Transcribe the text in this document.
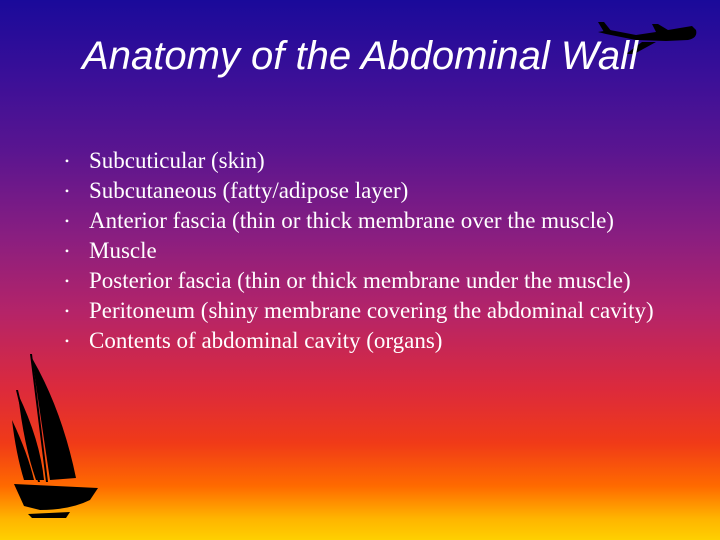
Anatomy of the Abdominal Wall
• Subcuticular (skin)
• Subcutaneous (fatty/adipose layer)
• Anterior fascia (thin or thick membrane over the muscle)
• Muscle
• Posterior fascia (thin or thick membrane under the muscle)
• Peritoneum (shiny membrane covering the abdominal cavity)
• Contents of abdominal cavity (organs)
